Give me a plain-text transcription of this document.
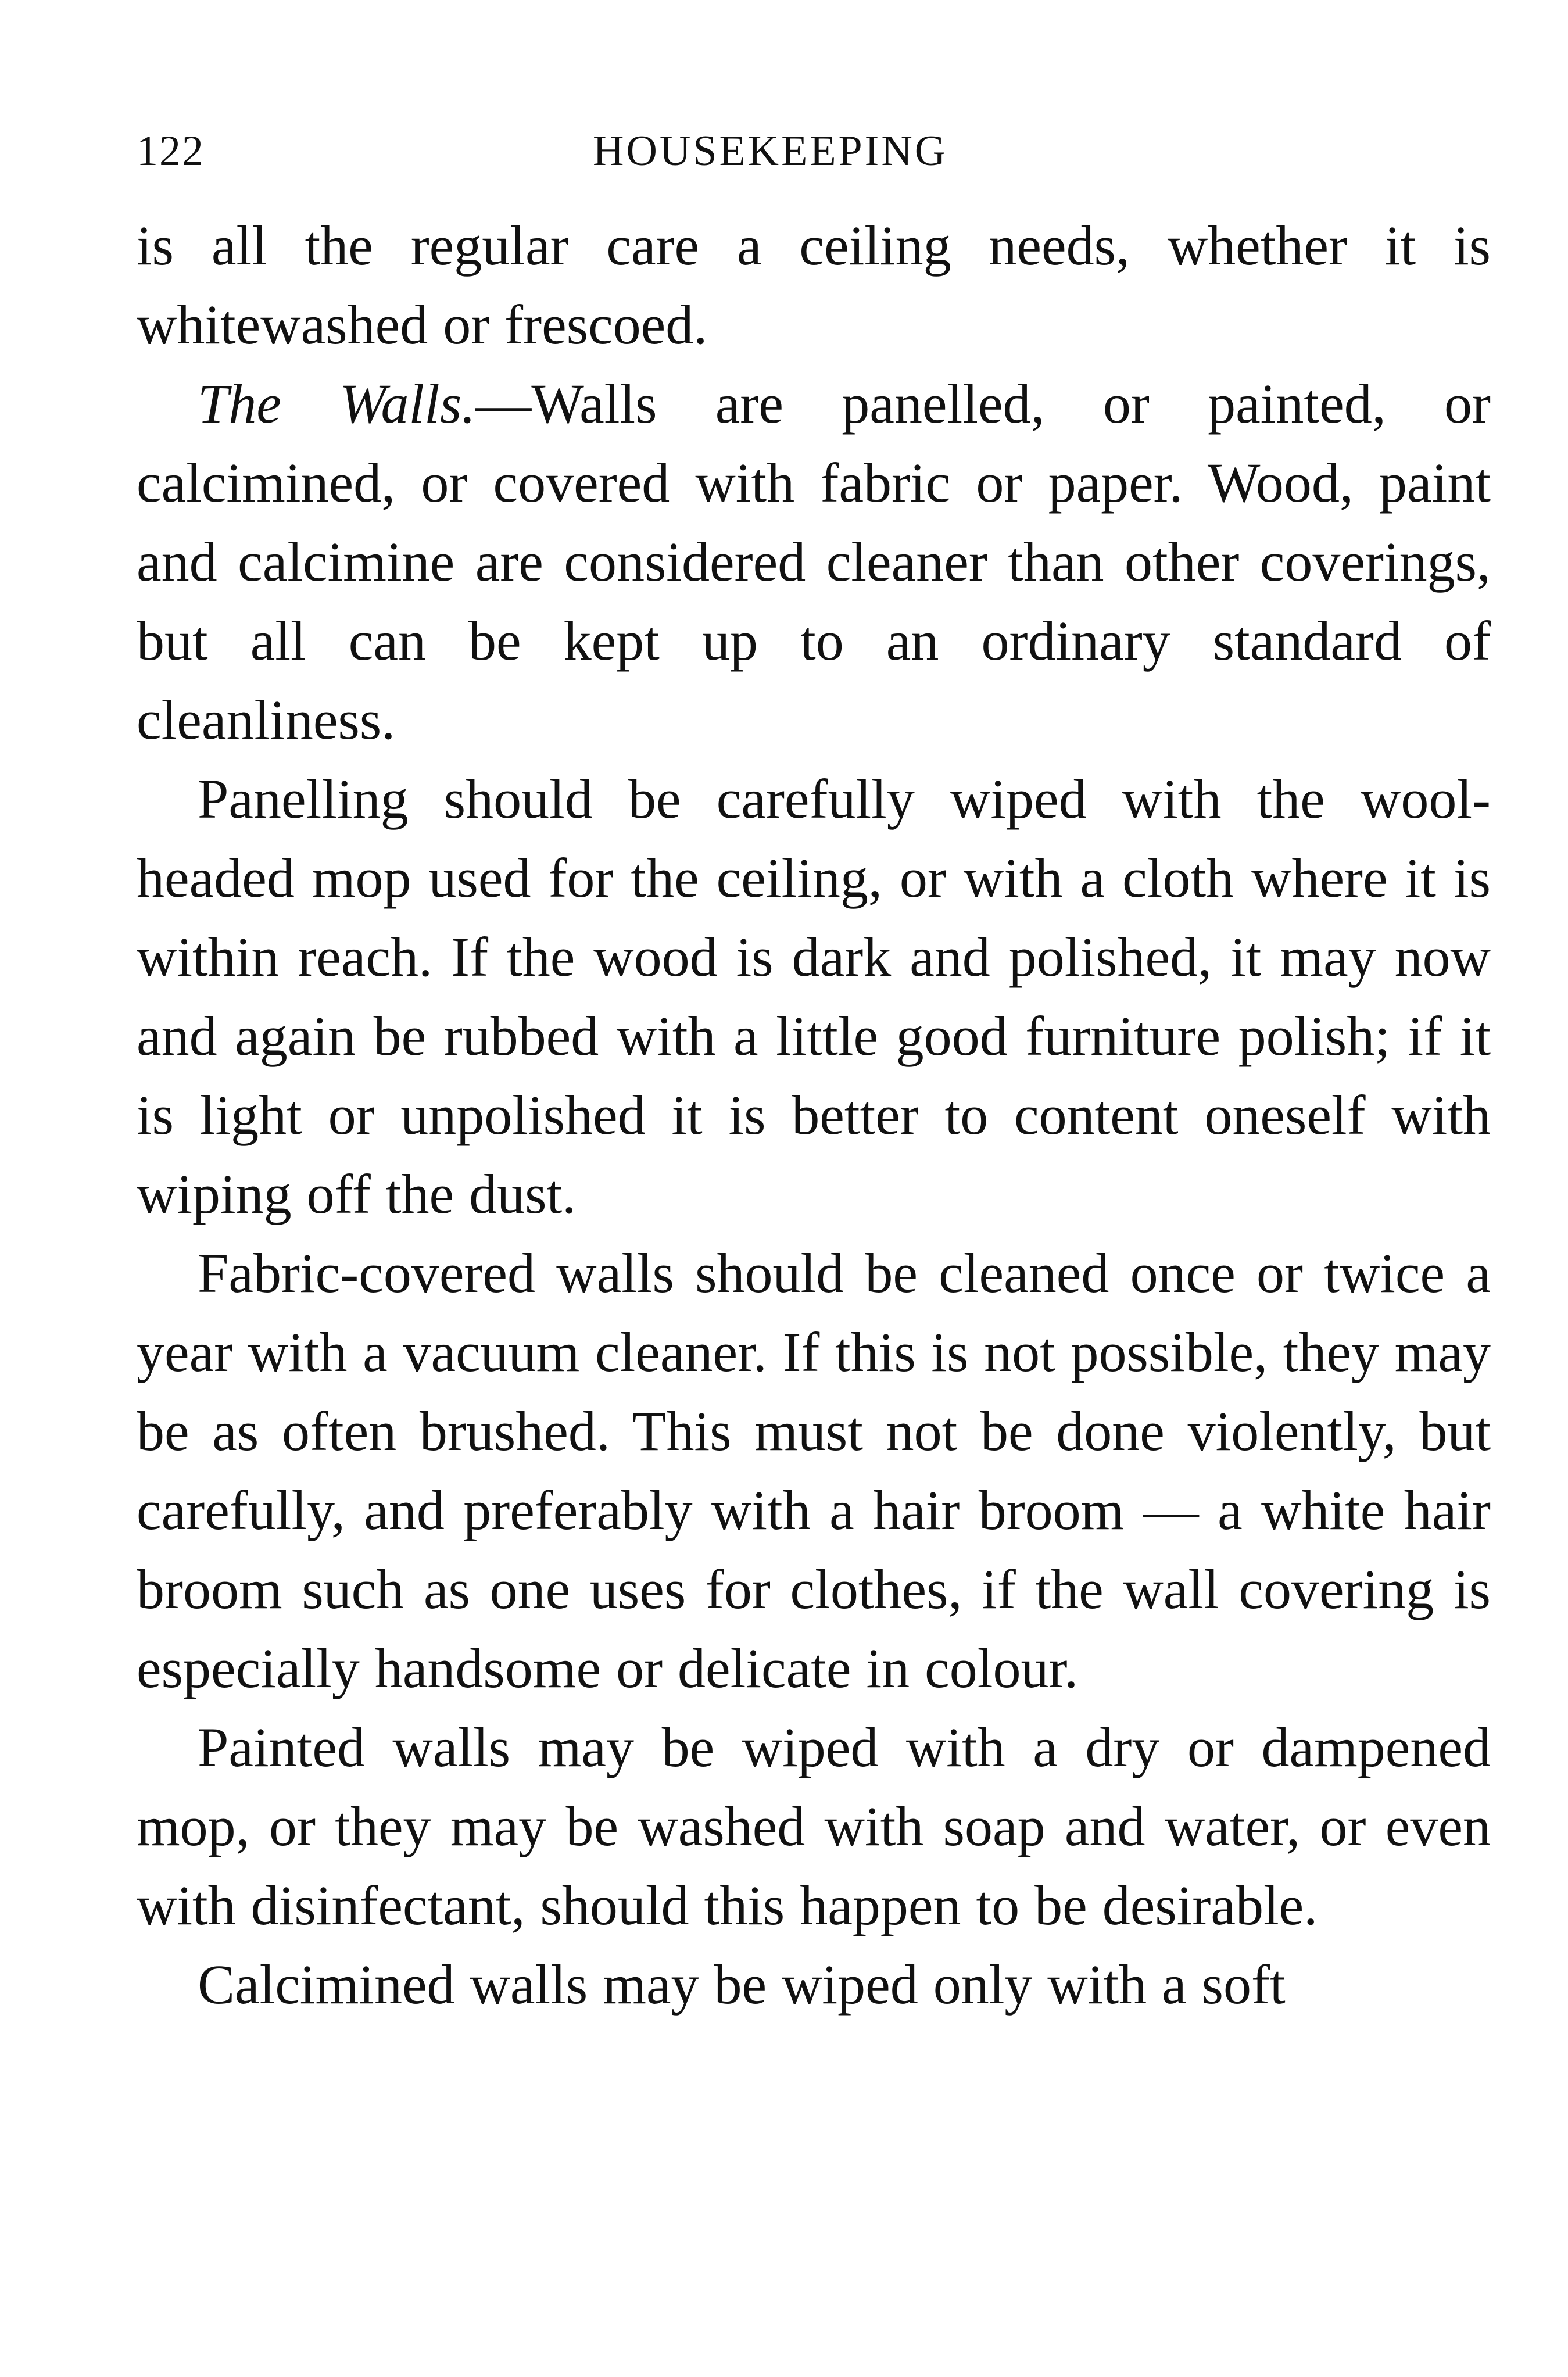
122	HOUSEKEEPING

is all the regular care a ceiling needs, whether it is whitewashed or frescoed.

The Walls.—Walls are panelled, or painted, or calcimined, or covered with fabric or paper. Wood, paint and calcimine are considered cleaner than other coverings, but all can be kept up to an ordinary standard of cleanliness.

Panelling should be carefully wiped with the wool-headed mop used for the ceiling, or with a cloth where it is within reach. If the wood is dark and polished, it may now and again be rubbed with a little good furniture polish; if it is light or unpolished it is better to content oneself with wiping off the dust.

Fabric-covered walls should be cleaned once or twice a year with a vacuum cleaner. If this is not possible, they may be as often brushed. This must not be done violently, but carefully, and preferably with a hair broom — a white hair broom such as one uses for clothes, if the wall covering is especially handsome or delicate in colour.

Painted walls may be wiped with a dry or dampened mop, or they may be washed with soap and water, or even with disinfectant, should this happen to be desirable.

Calcimined walls may be wiped only with a soft
